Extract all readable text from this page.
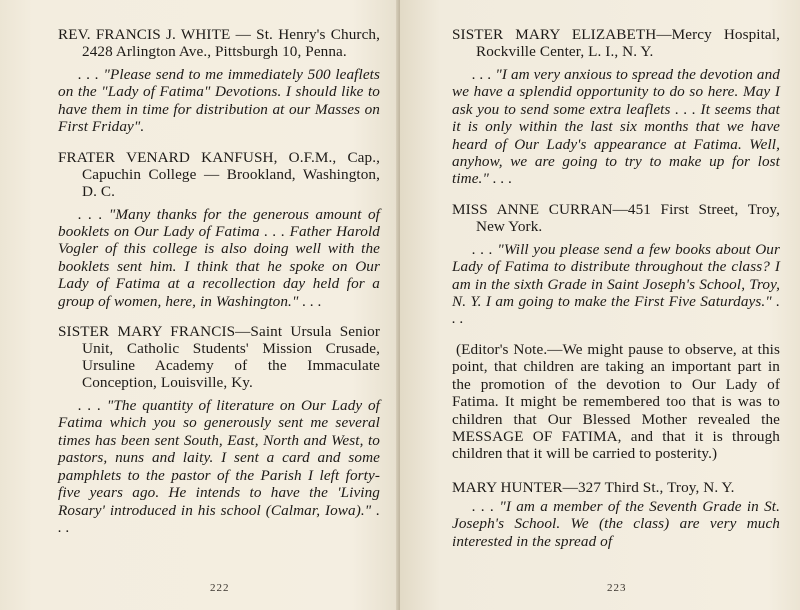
REV. FRANCIS J. WHITE — St. Henry's Church, 2428 Arlington Ave., Pittsburgh 10, Penna.

. . . "Please send to me immediately 500 leaflets on the "Lady of Fatima" Devotions. I should like to have them in time for distribution at our Masses on First Friday".

FRATER VENARD KANFUSH, O.F.M., Cap., Capuchin College — Brookland, Washington, D. C.

. . . "Many thanks for the generous amount of booklets on Our Lady of Fatima . . . Father Harold Vogler of this college is also doing well with the booklets sent him. I think that he spoke on Our Lady of Fatima at a recollection day held for a group of women, here, in Washington." . . .

SISTER MARY FRANCIS—Saint Ursula Senior Unit, Catholic Students' Mission Crusade, Ursuline Academy of the Immaculate Conception, Louisville, Ky.

. . . "The quantity of literature on Our Lady of Fatima which you so generously sent me several times has been sent South, East, North and West, to pastors, nuns and laity. I sent a card and some pamphlets to the pastor of the Parish I left forty-five years ago. He intends to have the 'Living Rosary' introduced in his school (Calmar, Iowa)." . . .

222

SISTER MARY ELIZABETH—Mercy Hospital, Rockville Center, L. I., N. Y.

. . . "I am very anxious to spread the devotion and we have a splendid opportunity to do so here. May I ask you to send some extra leaflets . . . It seems that it is only within the last six months that we have heard of Our Lady's appearance at Fatima. Well, anyhow, we are going to try to make up for lost time." . . .

MISS ANNE CURRAN—451 First Street, Troy, New York.

. . . "Will you please send a few books about Our Lady of Fatima to distribute throughout the class? I am in the sixth Grade in Saint Joseph's School, Troy, N. Y. I am going to make the First Five Saturdays." . . .

(Editor's Note.—We might pause to observe, at this point, that children are taking an important part in the promotion of the devotion to Our Lady of Fatima. It might be remembered too that is was to children that Our Blessed Mother revealed the MESSAGE OF FATIMA, and that it is through children that it will be carried to posterity.)

MARY HUNTER—327 Third St., Troy, N. Y.

. . . "I am a member of the Seventh Grade in St. Joseph's School. We (the class) are very much interested in the spread of

223
